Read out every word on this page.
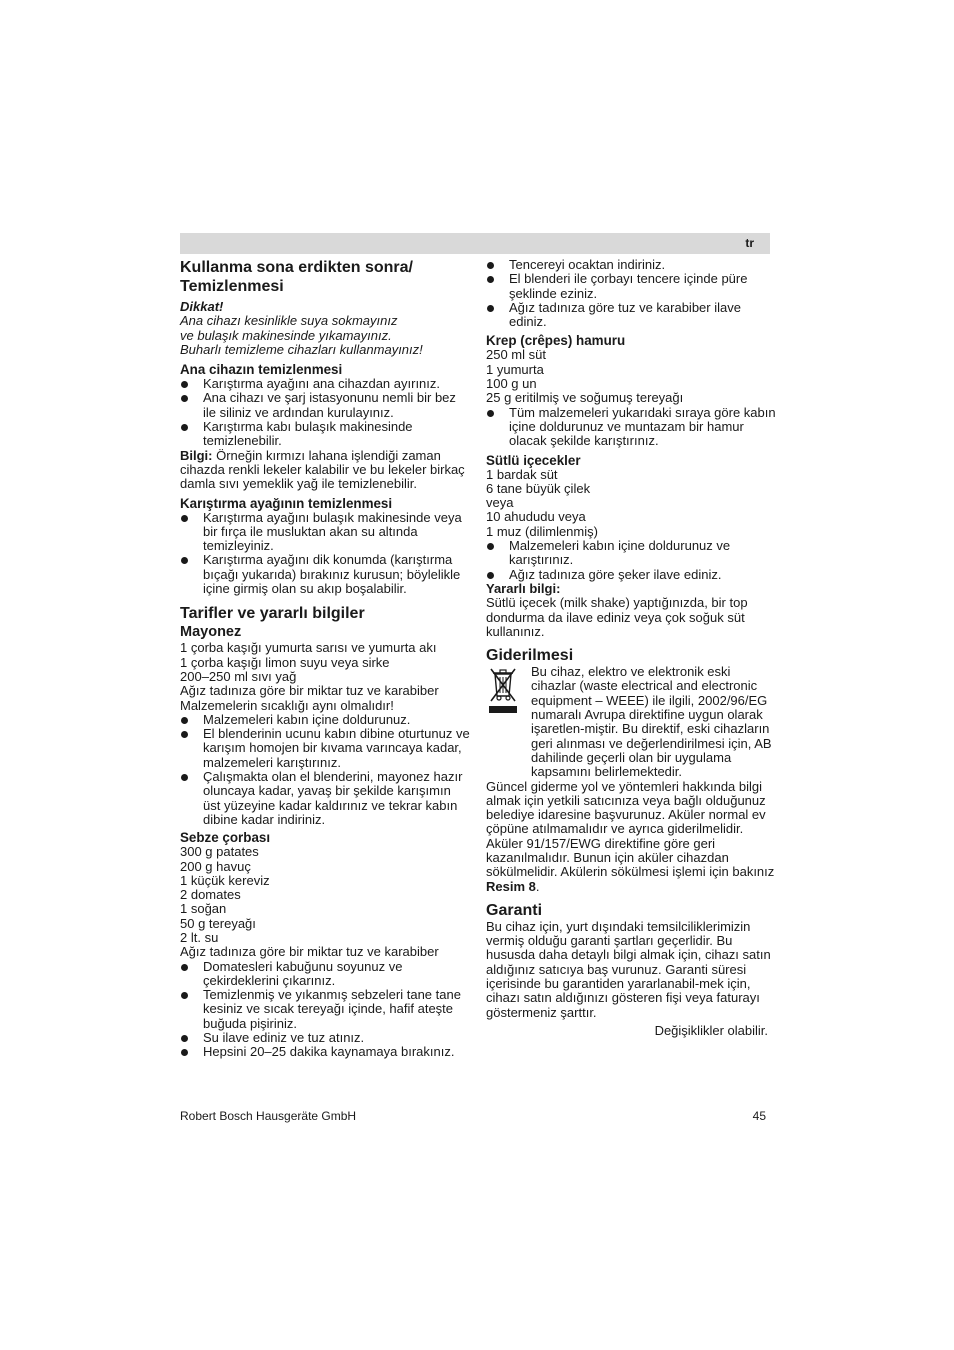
tr

Kullanma sona erdikten sonra/

Temizlenmesi

Dikkat!

Ana cihazı kesinlikle suya sokmayınız

ve bulaşık makinesinde yıkamayınız.

Buharlı temizleme cihazları kullanmayınız!

Ana cihazın temizlenmesi

Karıştırma ayağını ana cihazdan ayırınız.
Ana cihazı ve şarj istasyonunu nemli bir bez ile siliniz ve ardından kurulayınız.
Karıştırma kabı bulaşık makinesinde temizlenebilir.

Bilgi: Örneğin kırmızı lahana işlendiği zaman cihazda renkli lekeler kalabilir ve bu lekeler birkaç damla sıvı yemeklik yağ ile temizlenebilir.

Karıştırma ayağının temizlenmesi

Karıştırma ayağını bulaşık makinesinde veya bir fırça ile musluktan akan su altında temizleyiniz.
Karıştırma ayağını dik konumda (karıştırma bıçağı yukarıda) bırakınız kurusun; böylelikle içine girmiş olan su akıp boşalabilir.

Tarifler ve yararlı bilgiler

Mayonez

1 çorba kaşığı yumurta sarısı ve yumurta akı

1 çorba kaşığı limon suyu veya sirke

200–250 ml sıvı yağ

Ağız tadınıza göre bir miktar tuz ve karabiber

Malzemelerin sıcaklığı aynı olmalıdır!

Malzemeleri kabın içine doldurunuz.
El blenderinin ucunu kabın dibine oturtunuz ve karışım homojen bir kıvama varıncaya kadar, malzemeleri karıştırınız.
Çalışmakta olan el blenderini, mayonez hazır oluncaya kadar, yavaş bir şekilde karışımın üst yüzeyine kadar kaldırınız ve tekrar kabın dibine kadar indiriniz.

Sebze çorbası

300 g patates

200 g havuç

1 küçük kereviz

2 domates

1 soğan

50 g tereyağı

2 lt. su

Ağız tadınıza göre bir miktar tuz ve karabiber

Domatesleri kabuğunu soyunuz ve çekirdeklerini çıkarınız.
Temizlenmiş ve yıkanmış sebzeleri tane tane kesiniz ve sıcak tereyağı içinde, hafif ateşte buğuda pişiriniz.
Su ilave ediniz ve tuz atınız.
Hepsini 20–25 dakika kaynamaya bırakınız.
Tencereyi ocaktan indiriniz.
El blenderi ile çorbayı tencere içinde püre şeklinde eziniz.
Ağız tadınıza göre tuz ve karabiber ilave ediniz.

Krep (crêpes) hamuru

250 ml süt

1 yumurta

100 g un

25 g eritilmiş ve soğumuş tereyağı

Tüm malzemeleri yukarıdaki sıraya göre kabın içine doldurunuz ve muntazam bir hamur olacak şekilde karıştırınız.

Sütlü içecekler

1 bardak süt

6 tane büyük çilek

veya

10 ahududu veya

1 muz (dilimlenmiş)

Malzemeleri kabın içine doldurunuz ve karıştırınız.
Ağız tadınıza göre şeker ilave ediniz.

Yararlı bilgi:

Sütlü içecek (milk shake) yaptığınızda, bir top dondurma da ilave ediniz veya çok soğuk süt kullanınız.

Giderilmesi

Bu cihaz, elektro ve elektronik eski cihazlar (waste electrical and electronic equipment – WEEE) ile ilgili, 2002/96/EG numaralı Avrupa direktifine uygun olarak işaretlen-miştir. Bu direktif, eski cihazların geri alınması ve değerlendirilmesi için, AB dahilinde geçerli olan bir uygulama kapsamını belirlemektedir.

Güncel giderme yol ve yöntemleri hakkında bilgi almak için yetkili satıcınıza veya bağlı olduğunuz belediye idaresine başvurunuz. Aküler normal ev çöpüne atılmamalıdır ve ayrıca giderilmelidir. Aküler 91/157/EWG direktifine göre geri kazanılmalıdır. Bunun için aküler cihazdan sökülmelidir. Akülerin sökülmesi işlemi için bakınız

Resim 8.

Garanti

Bu cihaz için, yurt dışındaki temsilciliklerimizin vermiş olduğu garanti şartları geçerlidir. Bu hususda daha detaylı bilgi almak için, cihazı satın aldığınız satıcıya baş vurunuz. Garanti süresi içerisinde bu garantiden yararlanabil-mek için, cihazı satın aldığınızı gösteren fişi veya faturayı göstermeniz şarttır.

Değişiklikler olabilir.

Robert Bosch Hausgeräte GmbH	45
